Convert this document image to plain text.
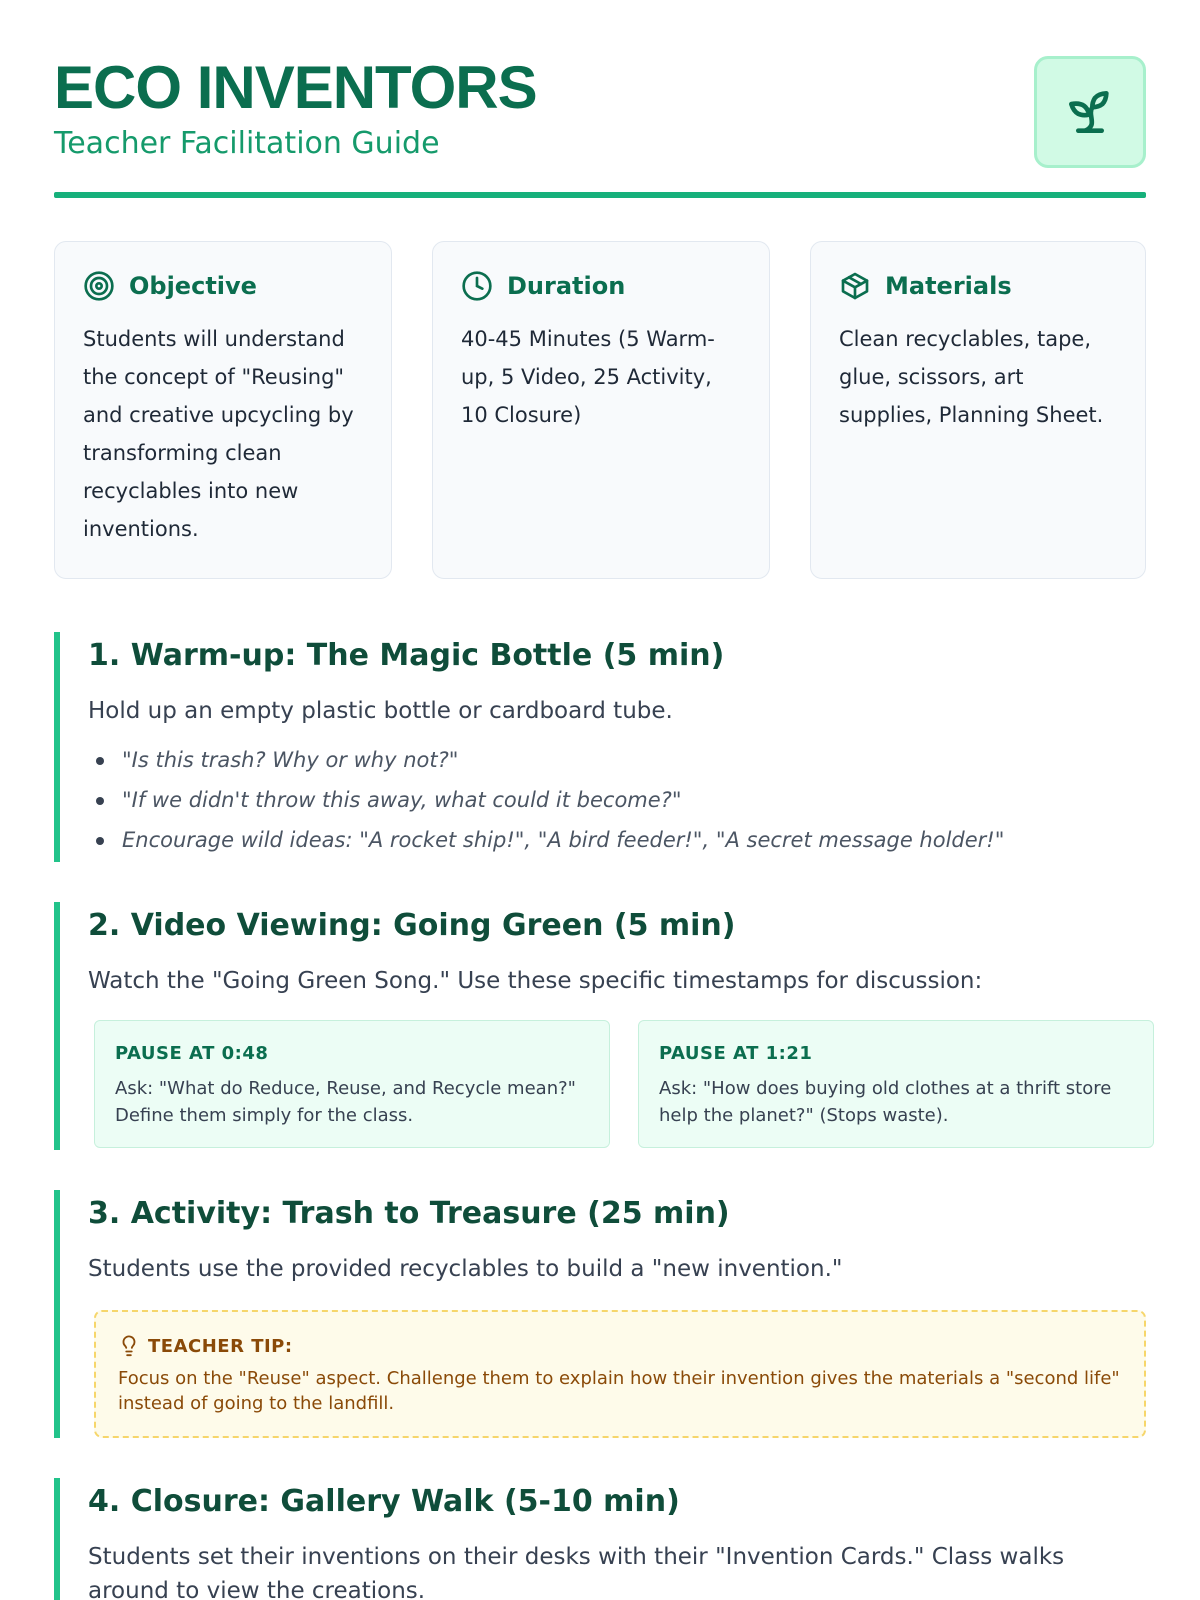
ECO INVENTORS
Teacher Facilitation Guide
Objective
Students will understand the concept of "Reusing" and creative upcycling by transforming clean recyclables into new inventions.
Duration
40-45 Minutes (5 Warm-up, 5 Video, 25 Activity, 10 Closure)
Materials
Clean recyclables, tape, glue, scissors, art supplies, Planning Sheet.
1. Warm-up: The Magic Bottle (5 min)
Hold up an empty plastic bottle or cardboard tube.
"Is this trash? Why or why not?"
"If we didn't throw this away, what could it become?"
Encourage wild ideas: "A rocket ship!", "A bird feeder!", "A secret message holder!"
2. Video Viewing: Going Green (5 min)
Watch the "Going Green Song." Use these specific timestamps for discussion:
PAUSE AT 0:48
Ask: "What do Reduce, Reuse, and Recycle mean?" Define them simply for the class.
PAUSE AT 1:21
Ask: "How does buying old clothes at a thrift store help the planet?" (Stops waste).
3. Activity: Trash to Treasure (25 min)
Students use the provided recyclables to build a "new invention."
TEACHER TIP:
Focus on the "Reuse" aspect. Challenge them to explain how their invention gives the materials a "second life" instead of going to the landfill.
4. Closure: Gallery Walk (5-10 min)
Students set their inventions on their desks with their "Invention Cards." Class walks around to view the creations.
